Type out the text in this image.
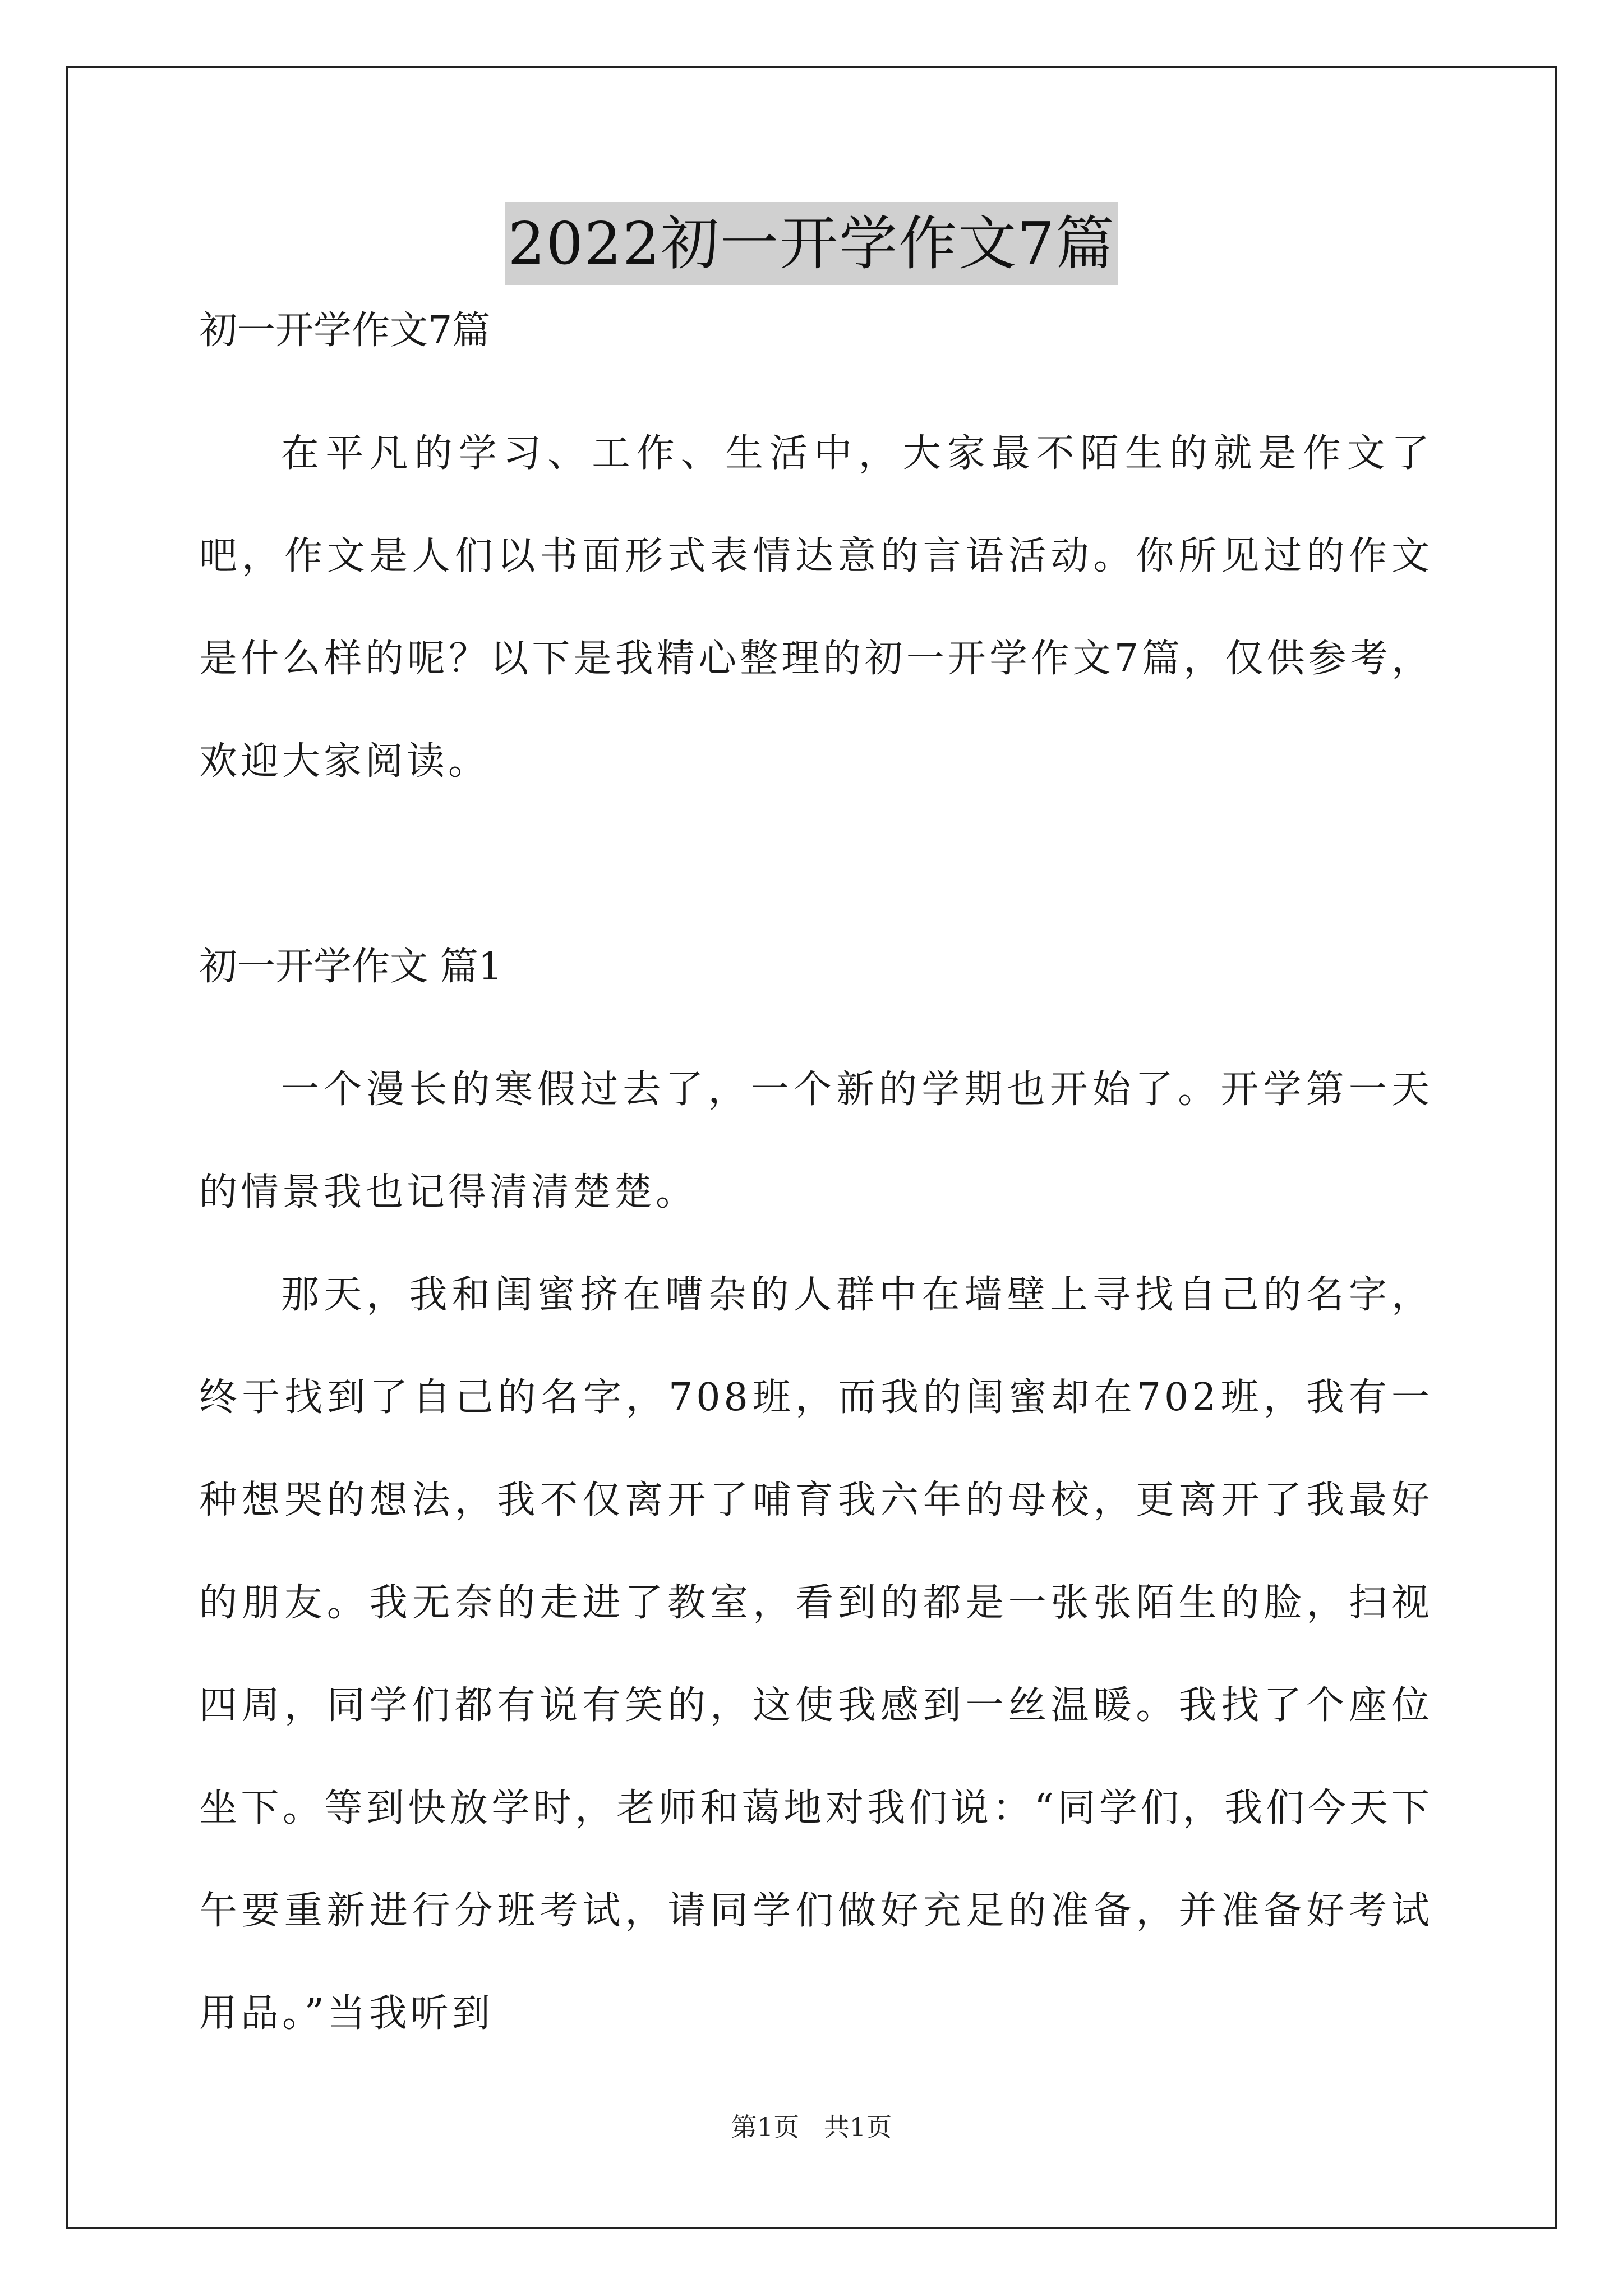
2022初一开学作文7篇

初一开学作文7篇

在平凡的学习、工作、生活中，大家最不陌生的就是作文了吧，作文是人们以书面形式表情达意的言语活动。你所见过的作文是什么样的呢？以下是我精心整理的初一开学作文7篇，仅供参考，欢迎大家阅读。

初一开学作文 篇1

一个漫长的寒假过去了，一个新的学期也开始了。开学第一天的情景我也记得清清楚楚。

那天，我和闺蜜挤在嘈杂的人群中在墙壁上寻找自己的名字，终于找到了自己的名字，708班，而我的闺蜜却在702班，我有一种想哭的想法，我不仅离开了哺育我六年的母校，更离开了我最好的朋友。我无奈的走进了教室，看到的都是一张张陌生的脸，扫视四周，同学们都有说有笑的，这使我感到一丝温暖。我找了个座位坐下。等到快放学时，老师和蔼地对我们说：“同学们，我们今天下午要重新进行分班考试，请同学们做好充足的准备，并准备好考试用品。”当我听到

第1页   共1页
